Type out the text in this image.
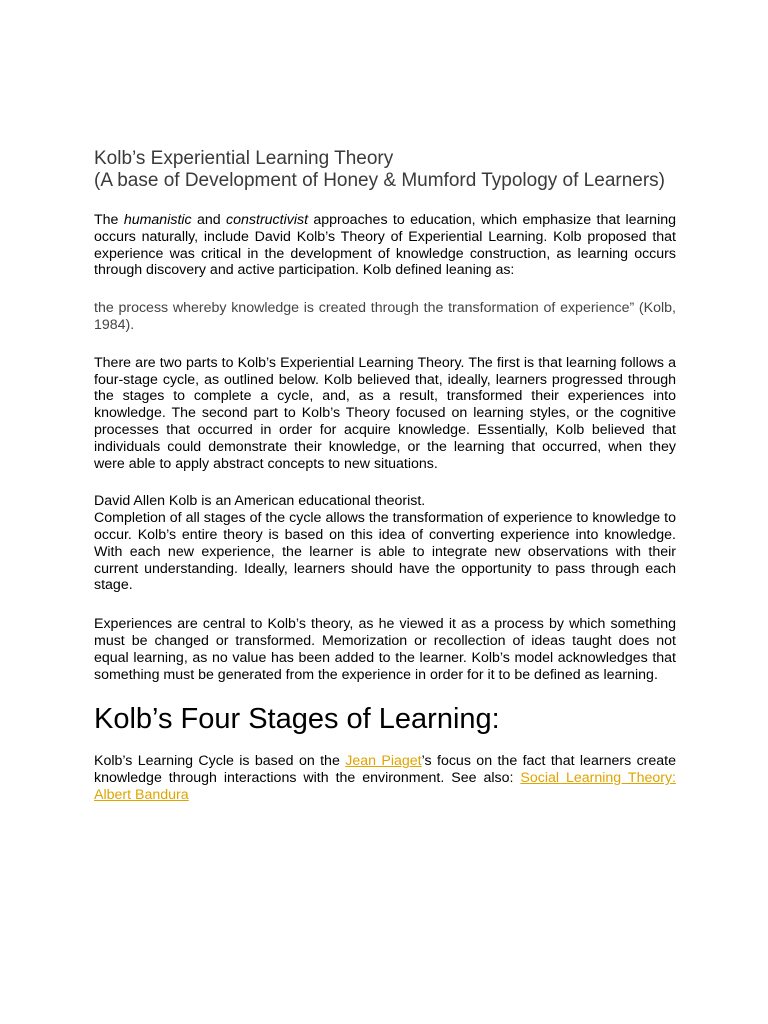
Kolb’s Experiential Learning Theory
(A base of Development of Honey & Mumford Typology of Learners)

The humanistic and constructivist approaches to education, which emphasize that learning occurs naturally, include David Kolb’s Theory of Experiential Learning. Kolb proposed that experience was critical in the development of knowledge construction, as learning occurs through discovery and active participation. Kolb defined leaning as:

the process whereby knowledge is created through the transformation of experience” (Kolb, 1984).

There are two parts to Kolb’s Experiential Learning Theory. The first is that learning follows a four-stage cycle, as outlined below. Kolb believed that, ideally, learners progressed through the stages to complete a cycle, and, as a result, transformed their experiences into knowledge. The second part to Kolb’s Theory focused on learning styles, or the cognitive processes that occurred in order for acquire knowledge. Essentially, Kolb believed that individuals could demonstrate their knowledge, or the learning that occurred, when they were able to apply abstract concepts to new situations.

David Allen Kolb is an American educational theorist.

Completion of all stages of the cycle allows the transformation of experience to knowledge to occur. Kolb’s entire theory is based on this idea of converting experience into knowledge. With each new experience, the learner is able to integrate new observations with their current understanding. Ideally, learners should have the opportunity to pass through each stage.

Experiences are central to Kolb’s theory, as he viewed it as a process by which something must be changed or transformed. Memorization or recollection of ideas taught does not equal learning, as no value has been added to the learner. Kolb’s model acknowledges that something must be generated from the experience in order for it to be defined as learning.

Kolb’s Four Stages of Learning:

Kolb’s Learning Cycle is based on the Jean Piaget’s focus on the fact that learners create knowledge through interactions with the environment. See also: Social Learning Theory: Albert Bandura
